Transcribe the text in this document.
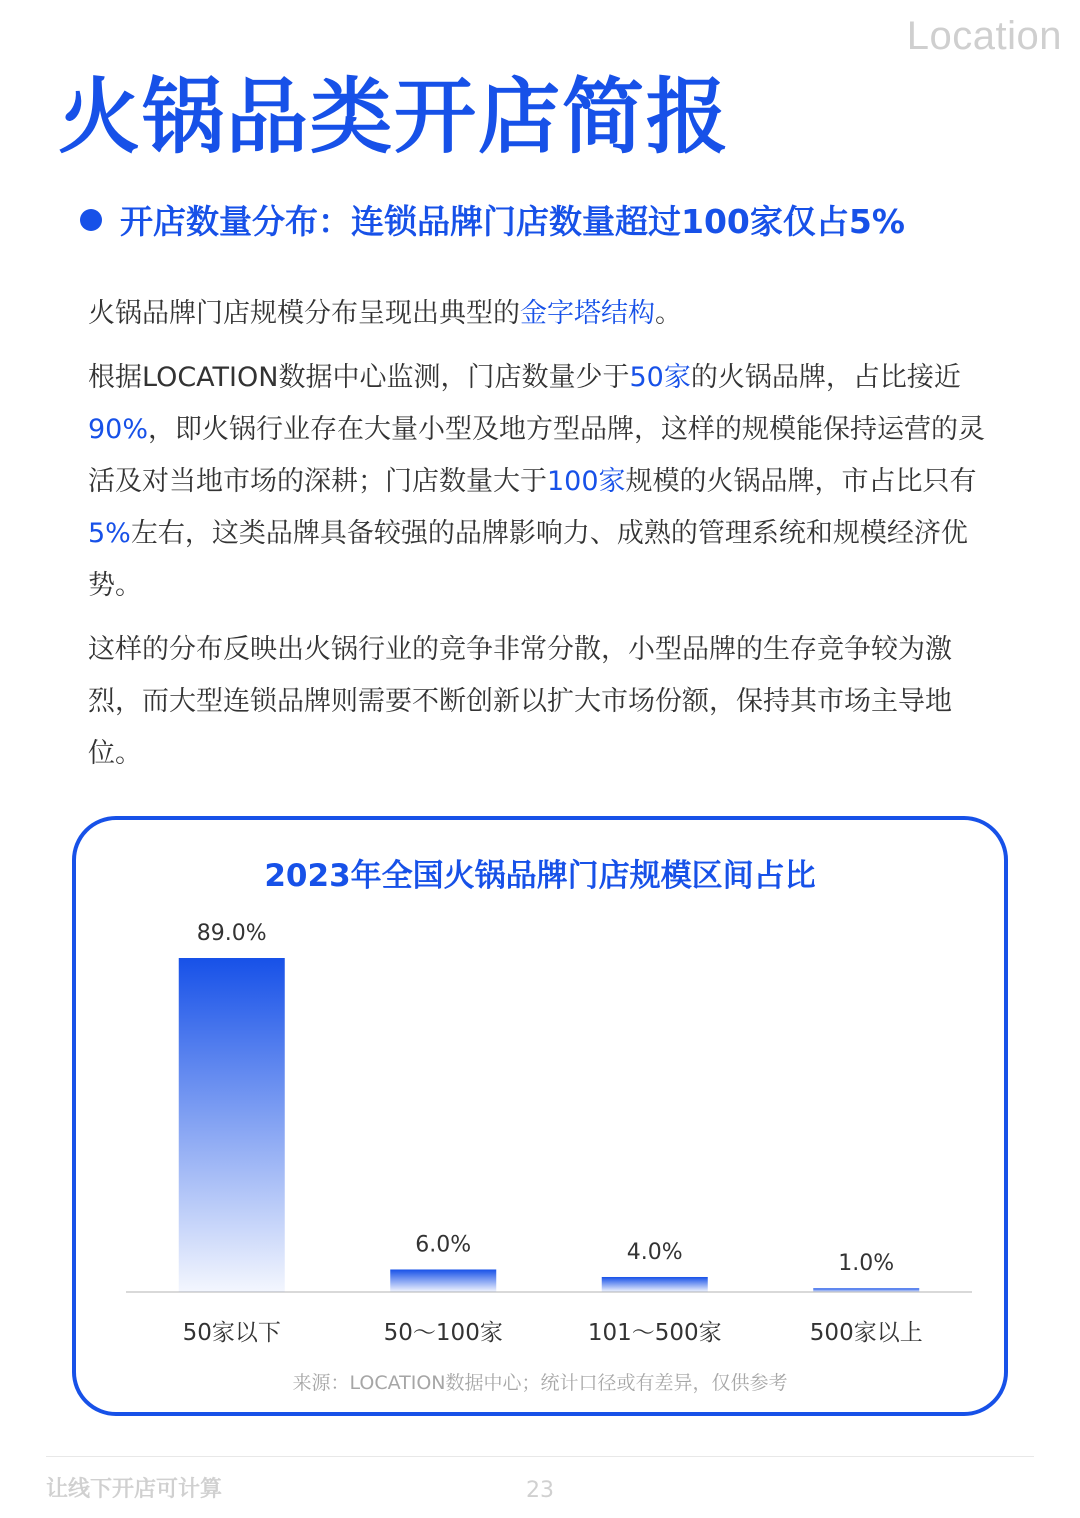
Location
火锅品类开店简报
开店数量分布：连锁品牌门店数量超过100家仅占5%

火锅品牌门店规模分布呈现出典型的金字塔结构。

根据LOCATION数据中心监测，门店数量少于50家的火锅品牌，占比接近90%，即火锅行业存在大量小型及地方型品牌，这样的规模能保持运营的灵活及对当地市场的深耕；门店数量大于100家规模的火锅品牌，市占比只有5%左右，这类品牌具备较强的品牌影响力、成熟的管理系统和规模经济优势。

这样的分布反映出火锅行业的竞争非常分散，小型品牌的生存竞争较为激烈，而大型连锁品牌则需要不断创新以扩大市场份额，保持其市场主导地位。

2023年全国火锅品牌门店规模区间占比
89.0%
50家以下
6.0%
50～100家
4.0%
101～500家
1.0%
500家以上
来源：LOCATION数据中心；统计口径或有差异，仅供参考
让线下开店可计算	23
